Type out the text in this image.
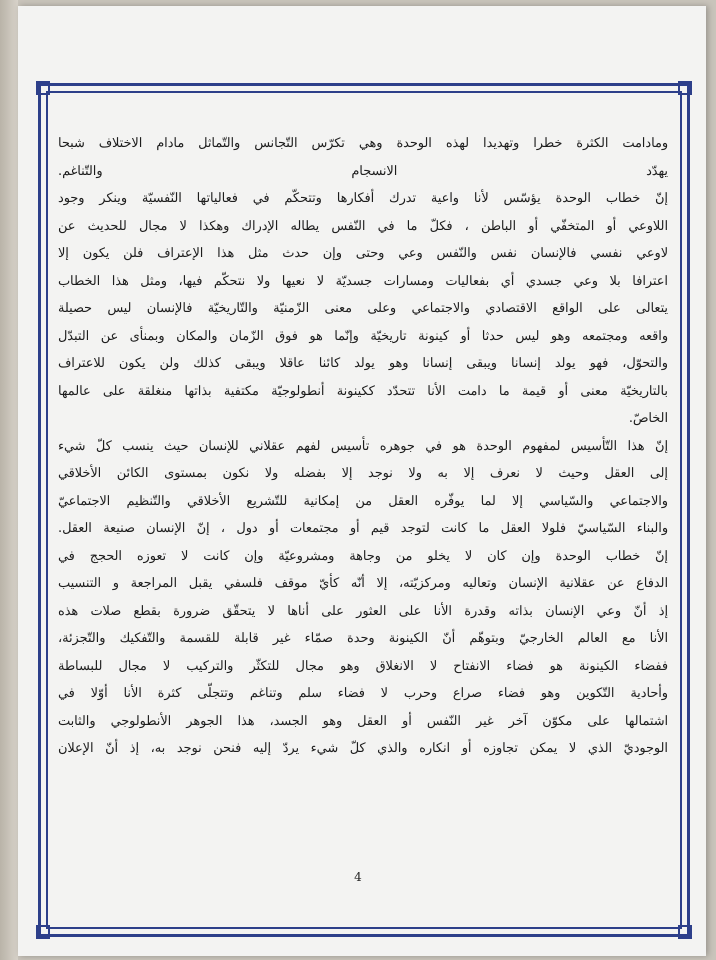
ومادامت الكثرة خطرا وتهديدا لهذه الوحدة وهي تكرّس التّجانس والتّماثل مادام الاختلاف شبحا
يهدّد الانسجام والتّناغم.

إنّ خطاب الوحدة يؤسّس لأنا واعية تدرك أفكارها وتتحكّم في فعالياتها النّفسيّة وينكر وجود
اللاوعي أو المتخفّي أو الباطن ، فكلّ ما في النّفس يطاله الإدراك وهكذا لا مجال للحديث عن
لاوعي نفسي فالإنسان نفس والنّفس وعي وحتى وإن حدث مثل هذا الإعتراف فلن يكون إلا
اعترافا بلا وعي جسدي أي بفعاليات ومسارات جسديّة لا نعيها ولا نتحكّم فيها، ومثل هذا الخطاب
يتعالى على الواقع الاقتصادي والاجتماعي وعلى معنى الزّمنيّة والتّاريخيّة فالإنسان ليس حصيلة
واقعه ومجتمعه وهو ليس حدثا أو كينونة تاريخيّة وإنّما هو فوق الزّمان والمكان وبمنأى عن التبدّل
والتحوّل، فهو يولد إنسانا ويبقى إنسانا وهو يولد كائنا عاقلا ويبقى كذلك ولن يكون للاعتراف
بالتاريخيّة معنى أو قيمة ما دامت الأنا تتحدّد ككينونة أنطولوجيّة مكتفية بذاتها منغلقة على عالمها
الخاصّ.

إنّ هذا التّأسيس لمفهوم الوحدة هو في جوهره تأسيس لفهم عقلاني للإنسان حيث ينسب كلّ شيء
إلى العقل وحيث لا نعرف إلا به ولا نوجد إلا بفضله ولا نكون بمستوى الكائن الأخلاقي
والاجتماعي والسّياسي إلا لما يوفّره العقل من إمكانية للتّشريع الأخلاقي والتّنظيم الاجتماعيّ
والبناء السّياسيّ فلولا العقل ما كانت لتوجد قيم أو مجتمعات أو دول ، إنّ الإنسان صنيعة العقل.

إنّ خطاب الوحدة وإن كان لا يخلو من وجاهة ومشروعيّة وإن كانت لا تعوزه الحجج في
الدفاع عن عقلانية الإنسان وتعاليه ومركزيّته، إلا أنّه كأيّ موقف فلسفي يقبل المراجعة و التنسيب
إذ أنّ وعي الإنسان بذاته وقدرة الأنا على العثور على أناها لا يتحقّق ضرورة بقطع صلات هذه
الأنا مع العالم الخارجيّ وبتوهّم أنّ الكينونة وحدة صمّاء غير قابلة للقسمة والتّفكيك والتّجزئة،
ففضاء الكينونة هو فضاء الانفتاح لا الانغلاق وهو مجال للتكثّر والتركيب لا مجال للبساطة
وأحادية التّكوين وهو فضاء صراع وحرب لا فضاء سلم وتناغم وتتجلّى كثرة الأنا أوّلا في
اشتمالها على مكوّن آخر غير النّفس أو العقل وهو الجسد، هذا الجوهر الأنطولوجي والثابت
الوجوديّ الذي لا يمكن تجاوزه أو انكاره والذي كلّ شيء يردّ إليه فنحن نوجد به، إذ أنّ الإعلان

4
